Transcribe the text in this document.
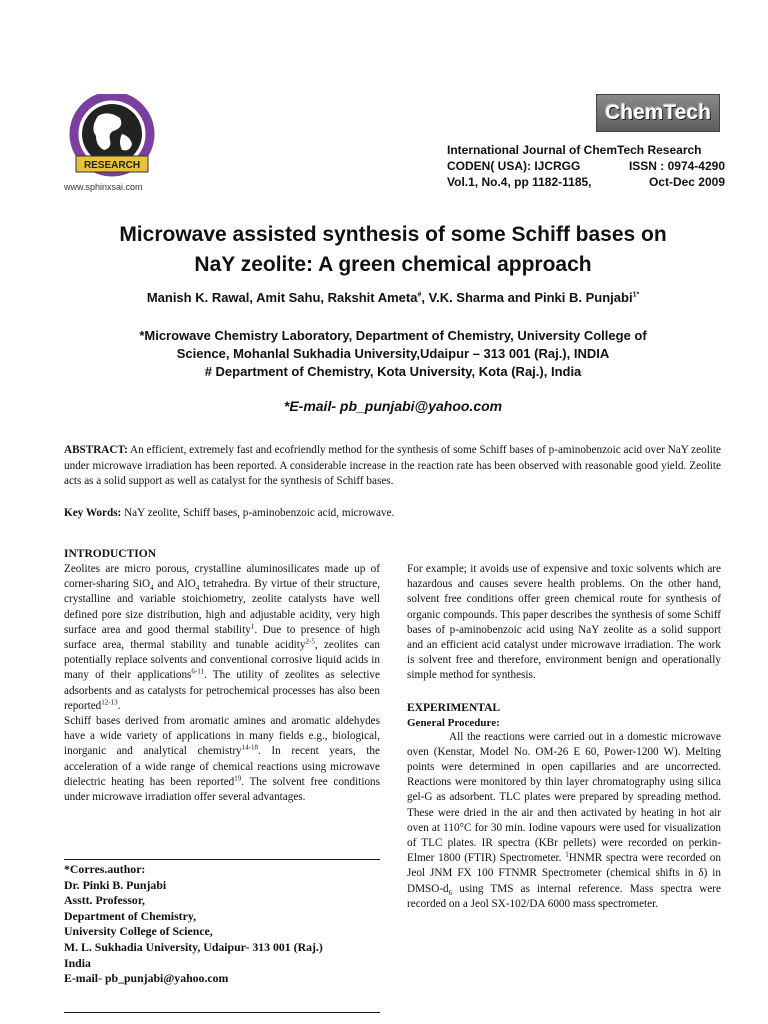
RESEARCH
www.sphinxsai.com
ChemTech
International Journal of ChemTech Research
CODEN( USA): IJCRGG	ISSN : 0974-4290
Vol.1, No.4, pp 1182-1185,	Oct-Dec 2009
Microwave assisted synthesis of some Schiff bases on
NaY zeolite: A green chemical approach
Manish K. Rawal, Amit Sahu, Rakshit Ameta#, V.K. Sharma and Pinki B. Punjabi$^{1*}$
*Microwave Chemistry Laboratory, Department of Chemistry, University College of
Science, Mohanlal Sukhadia University,Udaipur – 313 001 (Raj.), INDIA
# Department of Chemistry, Kota University, Kota (Raj.), India
*E-mail- pb_punjabi@yahoo.com
ABSTRACT: An efficient, extremely fast and ecofriendly method for the synthesis of some Schiff bases of p-aminobenzoic acid over NaY zeolite under microwave irradiation has been reported. A considerable increase in the reaction rate has been observed with reasonable good yield. Zeolite acts as a solid support as well as catalyst for the synthesis of Schiff bases.
Key Words: NaY zeolite, Schiff bases, p-aminobenzoic acid, microwave.
INTRODUCTION

Zeolites are micro porous, crystalline aluminosilicates made up of corner-sharing SiO$_4$ and AlO$_4$ tetrahedra. By virtue of their structure, crystalline and variable stoichiometry, zeolite catalysts have well defined pore size distribution, high and adjustable acidity, very high surface area and good thermal stability$^1$. Due to presence of high surface area, thermal stability and tunable acidity$^{2-5}$, zeolites can potentially replace solvents and conventional corrosive liquid acids in many of their applications$^{6-11}$. The utility of zeolites as selective adsorbents and as catalysts for petrochemical processes has also been reported$^{12-13}$.

Schiff bases derived from aromatic amines and aromatic aldehydes have a wide variety of applications in many fields e.g., biological, inorganic and analytical chemistry$^{14-18}$. In recent years, the acceleration of a wide range of chemical reactions using microwave dielectric heating has been reported$^{19}$. The solvent free conditions under microwave irradiation offer several advantages.

*Corres.author:
Dr. Pinki B. Punjabi
Asstt. Professor,
Department of Chemistry,
University College of Science,
M. L. Sukhadia University, Udaipur- 313 001 (Raj.)
India
E-mail- pb_punjabi@yahoo.com

For example; it avoids use of expensive and toxic solvents which are hazardous and causes severe health problems. On the other hand, solvent free conditions offer green chemical route for synthesis of organic compounds. This paper describes the synthesis of some Schiff bases of p-aminobenzoic acid using NaY zeolite as a solid support and an efficient acid catalyst under microwave irradiation. The work is solvent free and therefore, environment benign and operationally simple method for synthesis.

EXPERIMENTAL
General Procedure:

All the reactions were carried out in a domestic microwave oven (Kenstar, Model No. OM-26 E 60, Power-1200 W). Melting points were determined in open capillaries and are uncorrected. Reactions were monitored by thin layer chromatography using silica gel-G as adsorbent. TLC plates were prepared by spreading method. These were dried in the air and then activated by heating in hot air oven at 110°C for 30 min. Iodine vapours were used for visualization of TLC plates. IR spectra (KBr pellets) were recorded on perkin-Elmer 1800 (FTIR) Spectrometer. $^1$HNMR spectra were recorded on Jeol JNM FX 100 FTNMR Spectrometer (chemical shifts in δ) in DMSO-$d_6$ using TMS as internal reference. Mass spectra were recorded on a Jeol SX-102/DA 6000 mass spectrometer.
